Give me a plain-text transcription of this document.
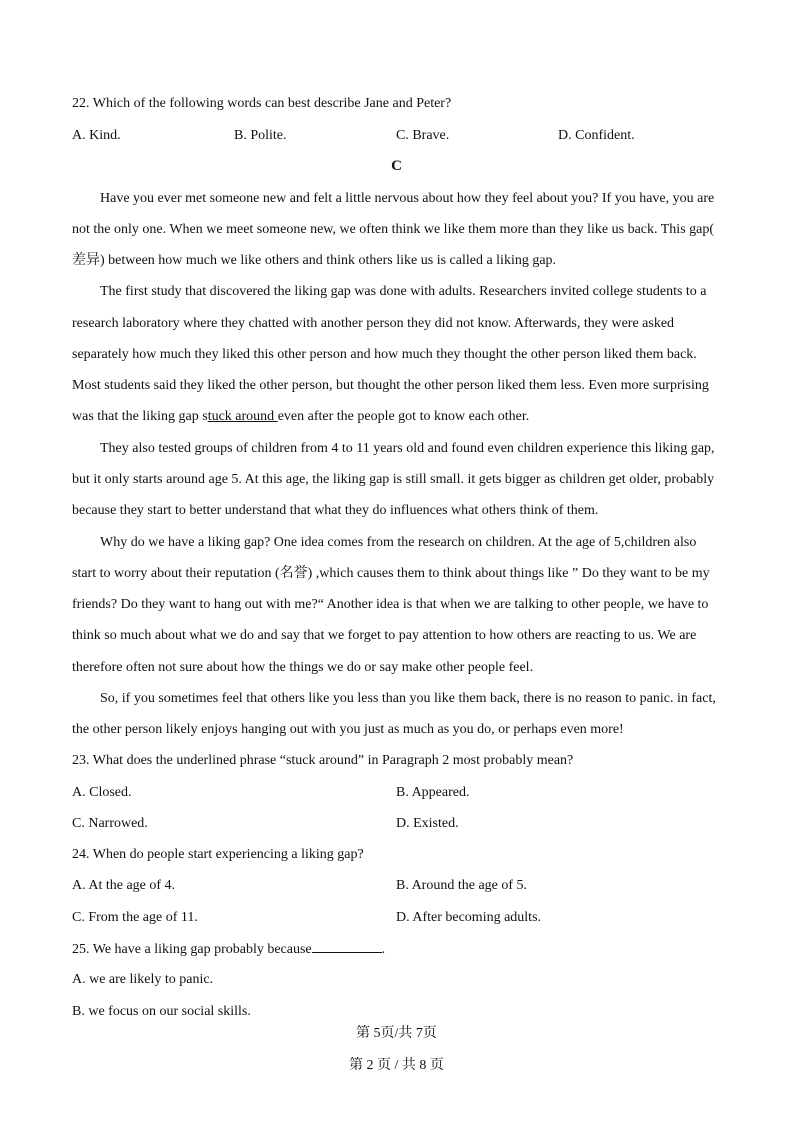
22. Which of the following words can best describe Jane and Peter?
A. Kind.	B. Polite.	C. Brave.	D. Confident.
C
Have you ever met someone new and felt a little nervous about how they feel about you? If you have, you are
not the only one. When we meet someone new, we often think we like them more than they like us back. This gap(
差异) between how much we like others and think others like us is called a liking gap.
The first study that discovered the liking gap was done with adults. Researchers invited college students to a
research laboratory where they chatted with another person they did not know. Afterwards, they were asked
separately how much they liked this other person and how much they thought the other person liked them back.
Most students said they liked the other person, but thought the other person liked them less. Even more surprising
was that the liking gap stuck around even after the people got to know each other.
They also tested groups of children from 4 to 11 years old and found even children experience this liking gap,
but it only starts around age 5. At this age, the liking gap is still small. it gets bigger as children get older, probably
because they start to better understand that what they do influences what others think of them.
Why do we have a liking gap? One idea comes from the research on children. At the age of 5,children also
start to worry about their reputation (名誉) ,which causes them to think about things like ” Do they want to be my
friends? Do they want to hang out with me?“ Another idea is that when we are talking to other people, we have to
think so much about what we do and say that we forget to pay attention to how others are reacting to us. We are
therefore often not sure about how the things we do or say make other people feel.
So, if you sometimes feel that others like you less than you like them back, there is no reason to panic. in fact,
the other person likely enjoys hanging out with you just as much as you do, or perhaps even more!
23. What does the underlined phrase “stuck around” in Paragraph 2 most probably mean?
A. Closed.	B. Appeared.
C. Narrowed.	D. Existed.
24. When do people start experiencing a liking gap?
A. At the age of 4.	B. Around the age of 5.
C. From the age of 11.	D. After becoming adults.
25. We have a liking gap probably because	.
A. we are likely to panic.
B. we focus on our social skills.
第 5页/共 7页
第 2 页 / 共 8 页
